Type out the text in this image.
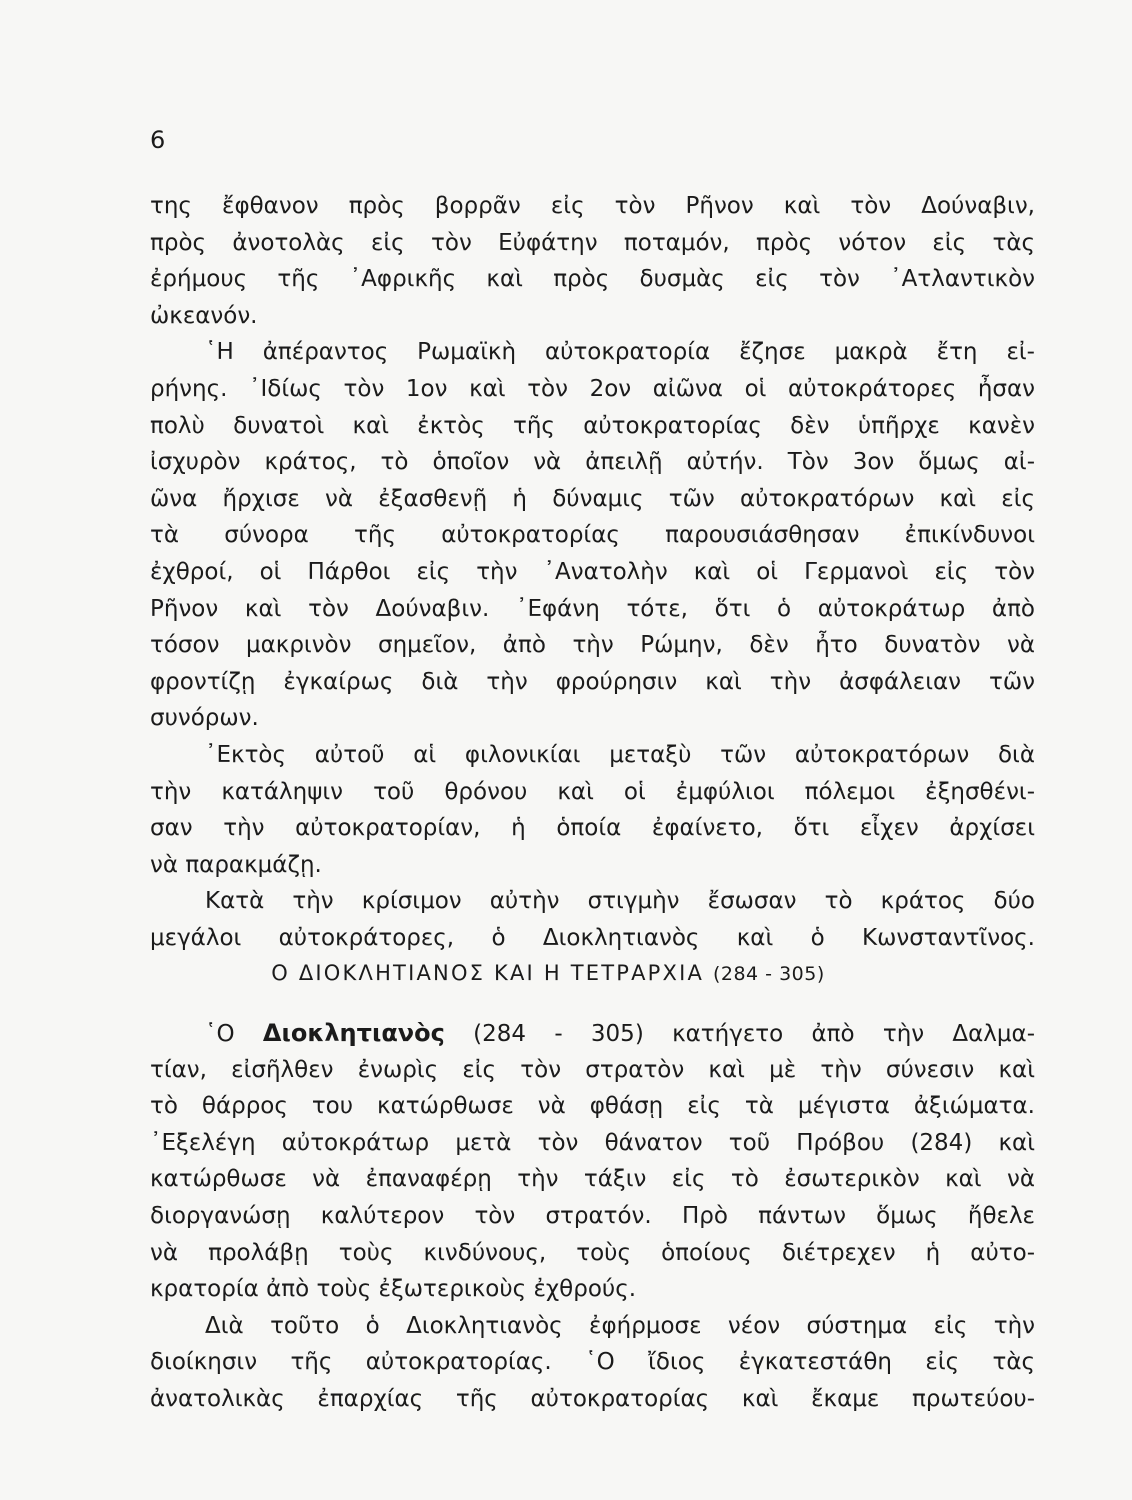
6
της ἔφθανον πρὸς βορρᾶν εἰς τὸν Ρῆνον καὶ τὸν Δούναβιν,
πρὸς ἀνοτολὰς εἰς τὸν Εὐφάτην ποταμόν, πρὸς νότον εἰς τὰς
ἐρήμους τῆς ᾿Αφρικῆς καὶ πρὸς δυσμὰς εἰς τὸν ᾿Ατλαντικὸν
ὠκεανόν.
῾Η ἀπέραντος Ρωμαϊκὴ αὐτοκρατορία ἔζησε μακρὰ ἔτη εἰ-
ρήνης. ᾿Ιδίως τὸν 1ον καὶ τὸν 2ον αἰῶνα οἱ αὐτοκράτορες ἦσαν
πολὺ δυνατοὶ καὶ ἐκτὸς τῆς αὐτοκρατορίας δὲν ὑπῆρχε κανὲν
ἰσχυρὸν κράτος, τὸ ὁποῖον νὰ ἀπειλῇ αὐτήν. Τὸν 3ον ὅμως αἰ-
ῶνα ἤρχισε νὰ ἐξασθενῇ ἡ δύναμις τῶν αὐτοκρατόρων καὶ εἰς
τὰ σύνορα τῆς αὐτοκρατορίας παρουσιάσθησαν ἐπικίνδυνοι
ἐχθροί, οἱ Πάρθοι εἰς τὴν ᾿Ανατολὴν καὶ οἱ Γερμανοὶ εἰς τὸν
Ρῆνον καὶ τὸν Δούναβιν. ᾿Εφάνη τότε, ὅτι ὁ αὐτοκράτωρ ἀπὸ
τόσον μακρινὸν σημεῖον, ἀπὸ τὴν Ρώμην, δὲν ἦτο δυνατὸν νὰ
φροντίζῃ ἐγκαίρως διὰ τὴν φρούρησιν καὶ τὴν ἀσφάλειαν τῶν
συνόρων.
᾿Εκτὸς αὐτοῦ αἱ φιλονικίαι μεταξὺ τῶν αὐτοκρατόρων διὰ
τὴν κατάληψιν τοῦ θρόνου καὶ οἱ ἐμφύλιοι πόλεμοι ἐξησθένι-
σαν τὴν αὐτοκρατορίαν, ἡ ὁποία ἐφαίνετο, ὅτι εἶχεν ἀρχίσει
νὰ παρακμάζῃ.
Κατὰ τὴν κρίσιμον αὐτὴν στιγμὴν ἔσωσαν τὸ κράτος δύο
μεγάλοι αὐτοκράτορες, ὁ Διοκλητιανὸς καὶ ὁ Κωνσταντῖνος.
Ο ΔΙΟΚΛΗΤΙΑΝΟΣ ΚΑΙ Η ΤΕΤΡΑΡΧΙΑ (284 - 305)
῾Ο Διοκλητιανὸς (284 - 305) κατήγετο ἀπὸ τὴν Δαλμα-
τίαν, εἰσῆλθεν ἐνωρὶς εἰς τὸν στρατὸν καὶ μὲ τὴν σύνεσιν καὶ
τὸ θάρρος του κατώρθωσε νὰ φθάσῃ εἰς τὰ μέγιστα ἀξιώματα.
᾿Εξελέγη αὐτοκράτωρ μετὰ τὸν θάνατον τοῦ Πρόβου (284) καὶ
κατώρθωσε νὰ ἐπαναφέρῃ τὴν τάξιν εἰς τὸ ἐσωτερικὸν καὶ νὰ
διοργανώσῃ καλύτερον τὸν στρατόν. Πρὸ πάντων ὅμως ἤθελε
νὰ προλάβῃ τοὺς κινδύνους, τοὺς ὁποίους διέτρεχεν ἡ αὐτο-
κρατορία ἀπὸ τοὺς ἐξωτερικοὺς ἐχθρούς.
Διὰ τοῦτο ὁ Διοκλητιανὸς ἐφήρμοσε νέον σύστημα εἰς τὴν
διοίκησιν τῆς αὐτοκρατορίας. ῾Ο ἴδιος ἐγκατεστάθη εἰς τὰς
ἀνατολικὰς ἐπαρχίας τῆς αὐτοκρατορίας καὶ ἔκαμε πρωτεύου-
